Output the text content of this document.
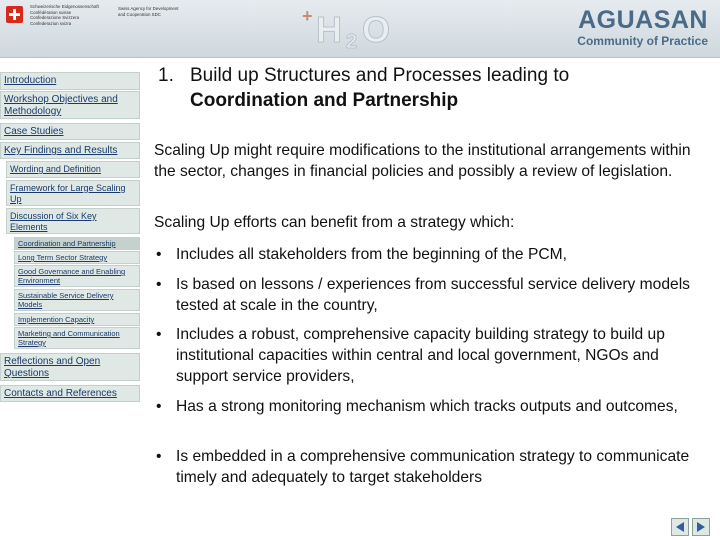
Schweizerische Eidgenossenschaft
Confédération suisse
Confederazione Svizzera
Confederaziun svizra
Swiss Agency for Development
and Cooperation SDC	+ H 2 O	AGUASAN
Community of Practice
Introduction
Workshop Objectives and Methodology
Case Studies
Key Findings and Results
Wording and Definition
Framework for Large Scaling Up
Discussion of Six Key Elements
Coordination and Partnership
Long Term Sector Strategy
Good Governance and Enabling Environment
Sustainable Service Delivery Models
Implemention Capacity
Marketing and Communication Strategy
Reflections and Open Questions
Contacts and References
1. Build up Structures and Processes leading to
Coordination and Partnership

Scaling Up might require modifications to the institutional arrangements within the sector, changes in financial policies and possibly a review of legislation.

Scaling Up efforts can benefit from a strategy which:

• Includes all stakeholders from the beginning of the PCM,
• Is based on lessons / experiences from successful service delivery models tested at scale in the country,
• Includes a robust, comprehensive capacity building strategy to build up institutional capacities within central and local government, NGOs and support service providers,
• Has a strong monitoring mechanism which tracks outputs and outcomes,
• Is embedded in a comprehensive communication strategy to communicate timely and adequately to target stakeholders
